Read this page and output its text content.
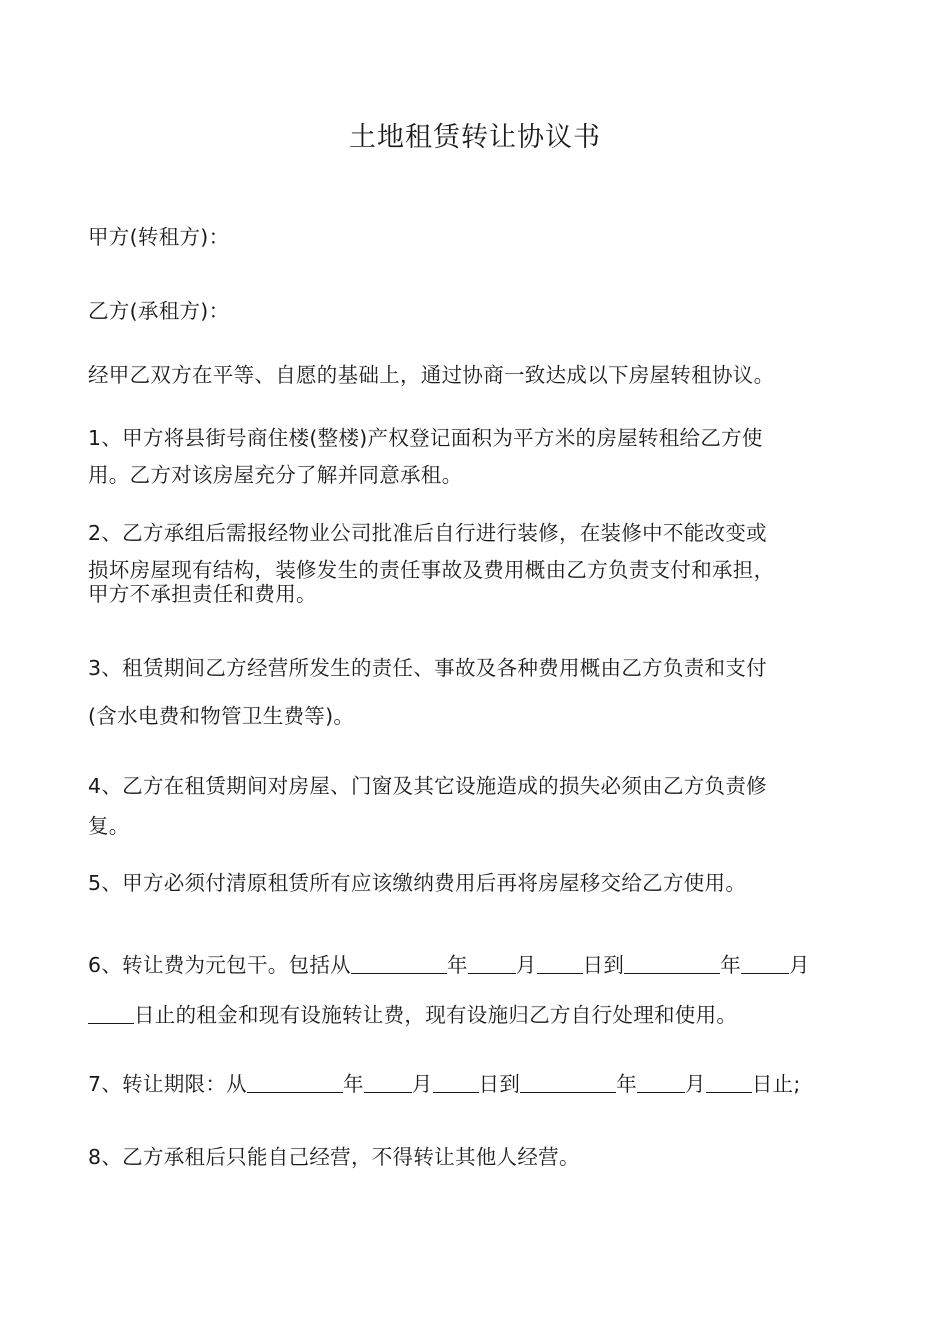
土地租赁转让协议书
甲方(转租方)：
乙方(承租方)：
经甲乙双方在平等、自愿的基础上，通过协商一致达成以下房屋转租协议。
1、甲方将县街号商住楼(整楼)产权登记面积为平方米的房屋转租给乙方使
用。乙方对该房屋充分了解并同意承租。
2、乙方承组后需报经物业公司批准后自行进行装修，在装修中不能改变或
损坏房屋现有结构，装修发生的责任事故及费用概由乙方负责支付和承担，
甲方不承担责任和费用。
3、租赁期间乙方经营所发生的责任、事故及各种费用概由乙方负责和支付
(含水电费和物管卫生费等)。
4、乙方在租赁期间对房屋、门窗及其它设施造成的损失必须由乙方负责修
复。
5、甲方必须付清原租赁所有应该缴纳费用后再将房屋移交给乙方使用。
6、转让费为元包干。包括从	年 月 日到	年 月
日止的租金和现有设施转让费，现有设施归乙方自行处理和使用。
7、转让期限：从	年 月 日到	年 月 日止;
8、乙方承租后只能自己经营，不得转让其他人经营。
